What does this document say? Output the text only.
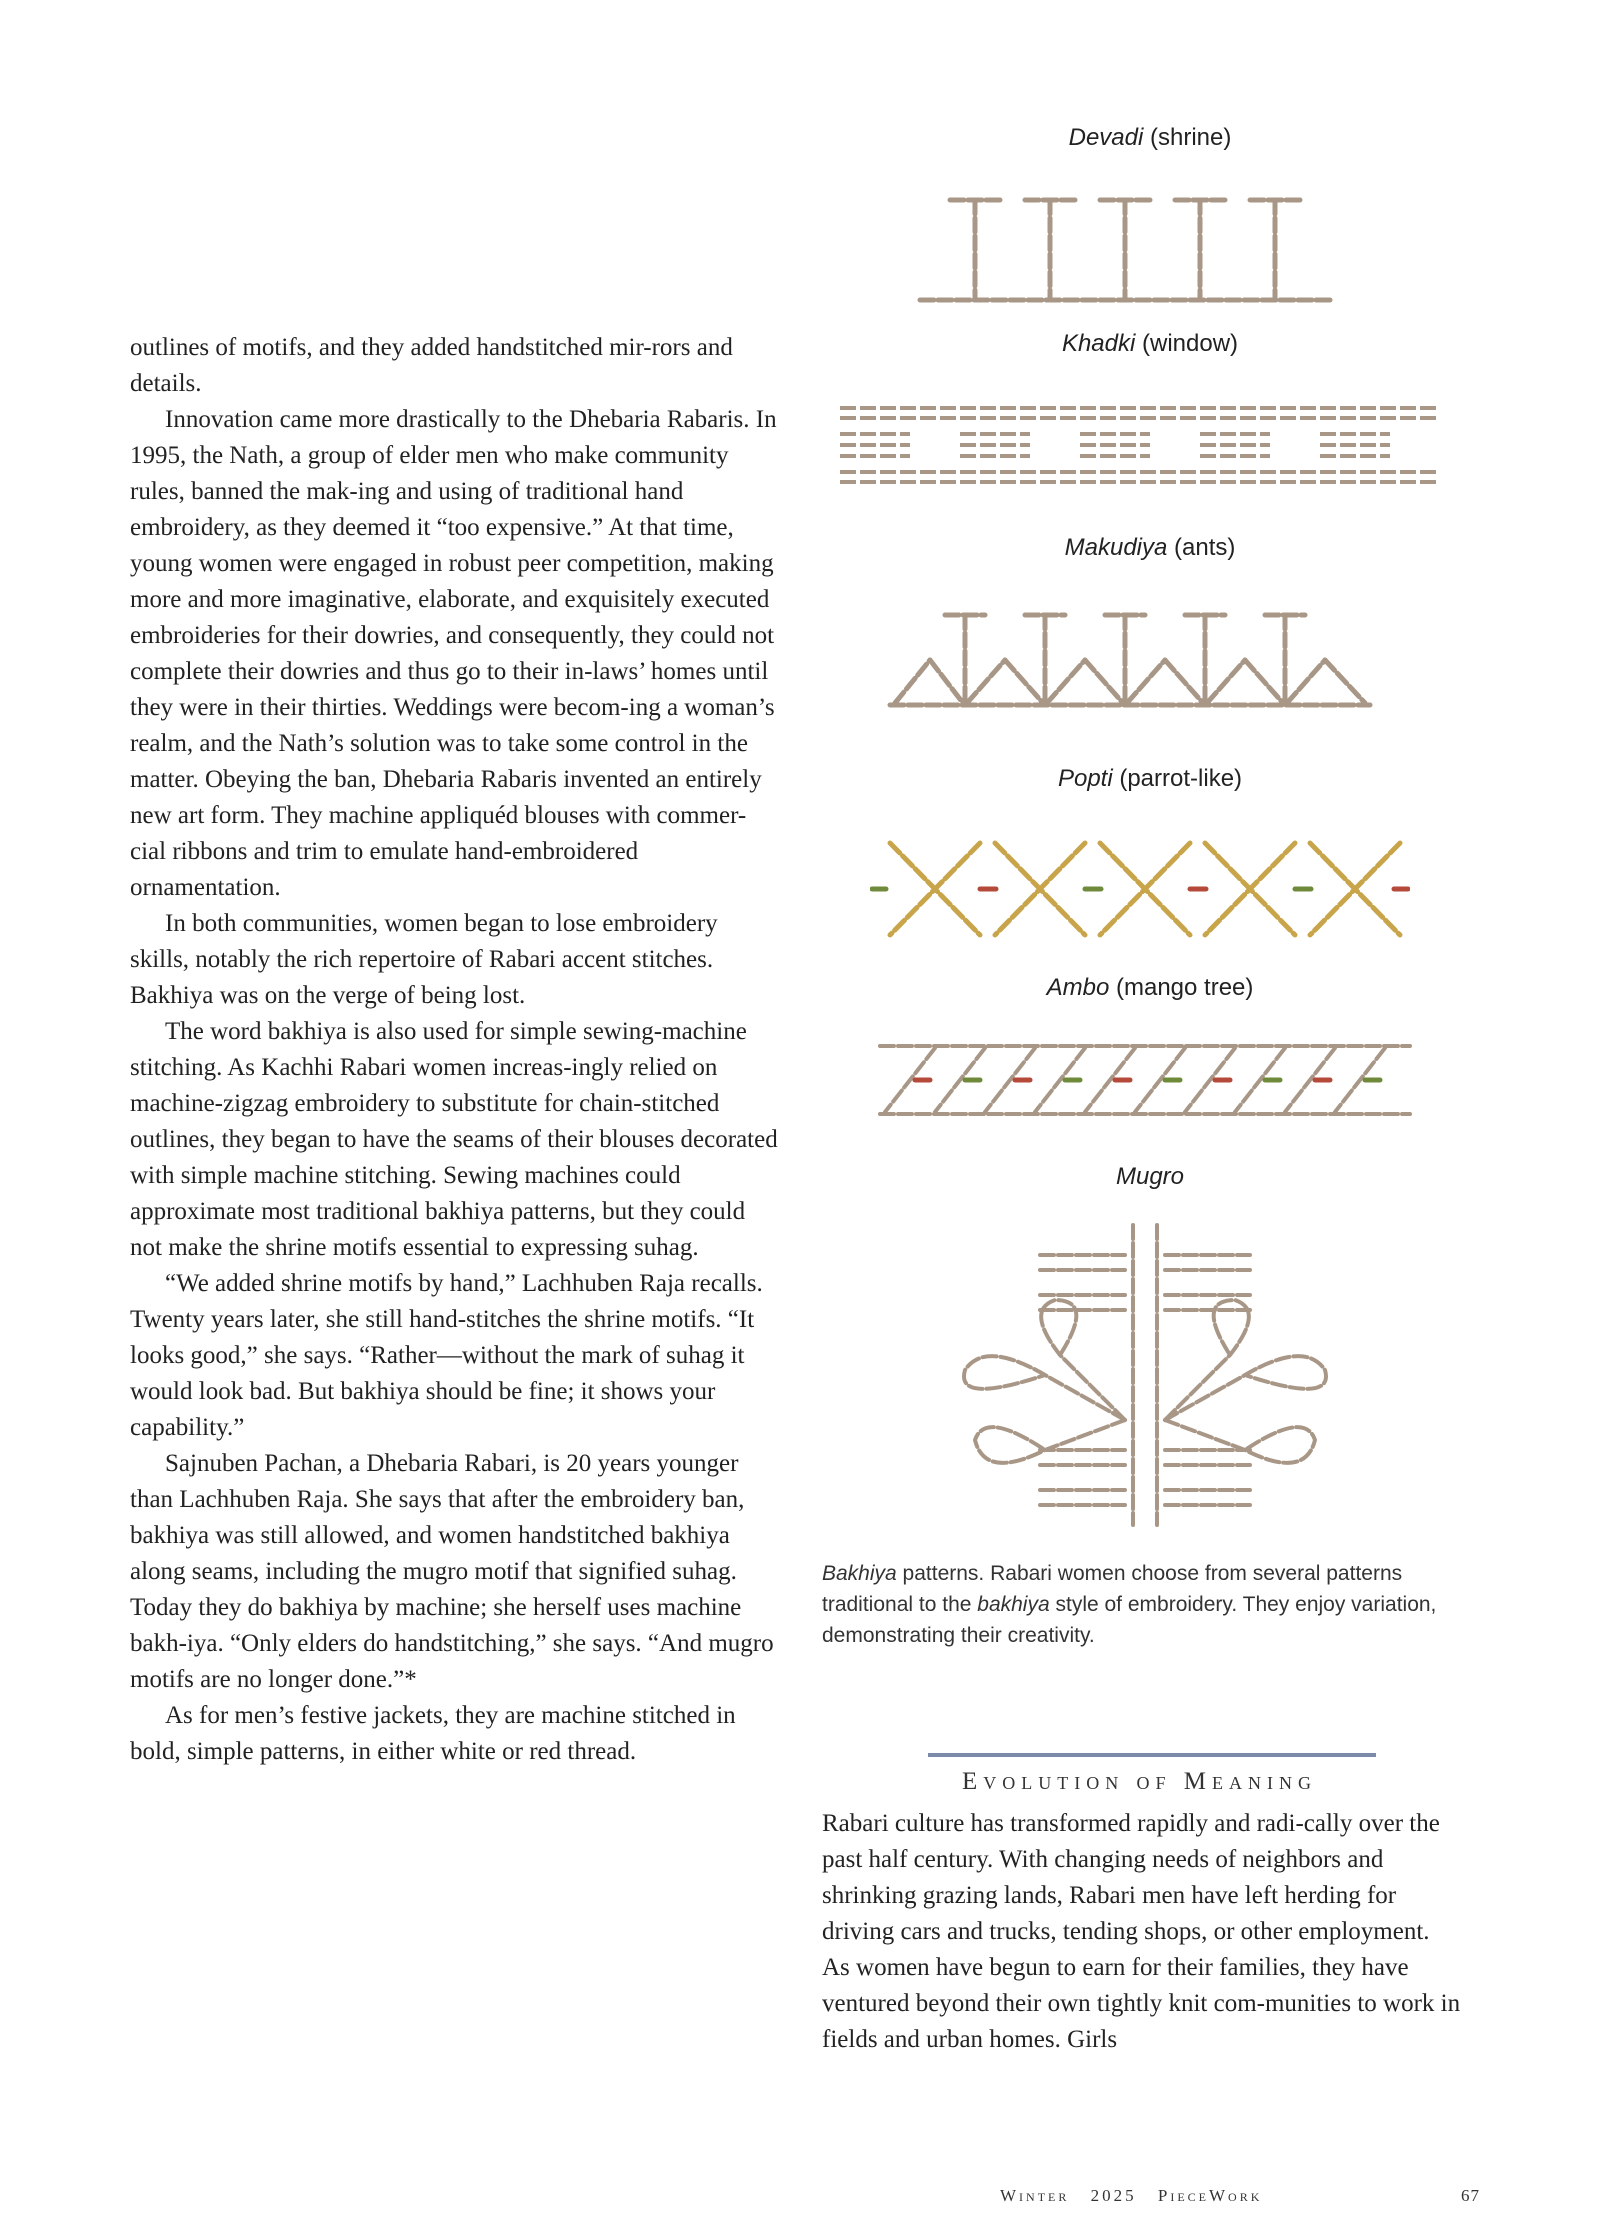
outlines of motifs, and they added handstitched mir-rors and details.

Innovation came more drastically to the Dhebaria Rabaris. In 1995, the Nath, a group of elder men who make community rules, banned the mak-ing and using of traditional hand embroidery, as they deemed it “too expensive.” At that time, young women were engaged in robust peer competition, making more and more imaginative, elaborate, and exquisitely executed embroideries for their dowries, and consequently, they could not complete their dowries and thus go to their in-laws’ homes until they were in their thirties. Weddings were becom-ing a woman’s realm, and the Nath’s solution was to take some control in the matter. Obeying the ban, Dhebaria Rabaris invented an entirely new art form. They machine appliquéd blouses with commer-cial ribbons and trim to emulate hand-embroidered ornamentation.

In both communities, women began to lose embroidery skills, notably the rich repertoire of Rabari accent stitches. Bakhiya was on the verge of being lost.

The word bakhiya is also used for simple sewing-machine stitching. As Kachhi Rabari women increas-ingly relied on machine-zigzag embroidery to substitute for chain-stitched outlines, they began to have the seams of their blouses decorated with simple machine stitching. Sewing machines could approximate most traditional bakhiya patterns, but they could not make the shrine motifs essential to expressing suhag.

“We added shrine motifs by hand,” Lachhuben Raja recalls. Twenty years later, she still hand-stitches the shrine motifs. “It looks good,” she says. “Rather—without the mark of suhag it would look bad. But bakhiya should be fine; it shows your capability.”

Sajnuben Pachan, a Dhebaria Rabari, is 20 years younger than Lachhuben Raja. She says that after the embroidery ban, bakhiya was still allowed, and women handstitched bakhiya along seams, including the mugro motif that signified suhag. Today they do bakhiya by machine; she herself uses machine bakh-iya. “Only elders do handstitching,” she says. “And mugro motifs are no longer done.”*

As for men’s festive jackets, they are machine stitched in bold, simple patterns, in either white or red thread.

Devadi (shrine)
Khadki (window)
Makudiya (ants)
Popti (parrot-like)
Ambo (mango tree)
Mugro
Bakhiya patterns. Rabari women choose from several patterns traditional to the bakhiya style of embroidery. They enjoy variation, demonstrating their creativity.
Evolution of Meaning

Rabari culture has transformed rapidly and radi-cally over the past half century. With changing needs of neighbors and shrinking grazing lands, Rabari men have left herding for driving cars and trucks, tending shops, or other employment. As women have begun to earn for their families, they have ventured beyond their own tightly knit com-munities to work in fields and urban homes. Girls

Winter 2025 PieceWork	67
